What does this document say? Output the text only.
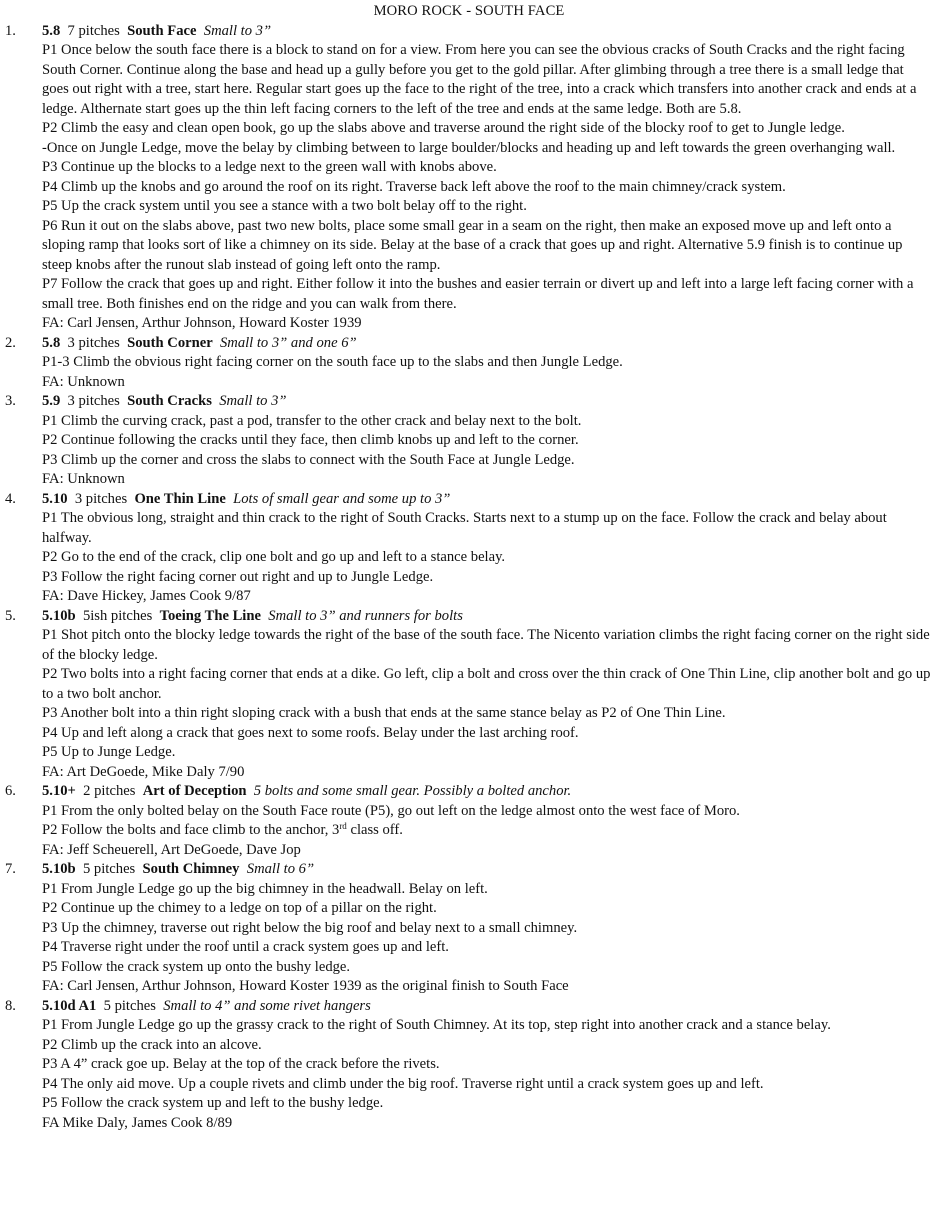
MORO ROCK - SOUTH FACE
1. 5.8 7 pitches South Face Small to 3”

P1 Once below the south face there is a block to stand on for a view. From here you can see the obvious cracks of South Cracks and the right facing South Corner. Continue along the base and head up a gully before you get to the gold pillar. After glimbing through a tree there is a small ledge that goes out right with a tree, start here. Regular start goes up the face to the right of the tree, into a crack which transfers into another crack and ends at a ledge. Althernate start goes up the thin left facing corners to the left of the tree and ends at the same ledge. Both are 5.8.

P2 Climb the easy and clean open book, go up the slabs above and traverse around the right side of the blocky roof to get to Jungle ledge.

-Once on Jungle Ledge, move the belay by climbing between to large boulder/blocks and heading up and left towards the green overhanging wall.

P3 Continue up the blocks to a ledge next to the green wall with knobs above.

P4 Climb up the knobs and go around the roof on its right. Traverse back left above the roof to the main chimney/crack system.

P5 Up the crack system until you see a stance with a two bolt belay off to the right.

P6 Run it out on the slabs above, past two new bolts, place some small gear in a seam on the right, then make an exposed move up and left onto a sloping ramp that looks sort of like a chimney on its side. Belay at the base of a crack that goes up and right. Alternative 5.9 finish is to continue up steep knobs after the runout slab instead of going left onto the ramp.

P7 Follow the crack that goes up and right. Either follow it into the bushes and easier terrain or divert up and left into a large left facing corner with a small tree. Both finishes end on the ridge and you can walk from there.

FA: Carl Jensen, Arthur Johnson, Howard Koster 1939

2. 5.8 3 pitches South Corner Small to 3” and one 6”

P1-3 Climb the obvious right facing corner on the south face up to the slabs and then Jungle Ledge.

FA: Unknown

3. 5.9 3 pitches South Cracks Small to 3”

P1 Climb the curving crack, past a pod, transfer to the other crack and belay next to the bolt.

P2 Continue following the cracks until they face, then climb knobs up and left to the corner.

P3 Climb up the corner and cross the slabs to connect with the South Face at Jungle Ledge.

FA: Unknown

4. 5.10 3 pitches One Thin Line Lots of small gear and some up to 3”

P1 The obvious long, straight and thin crack to the right of South Cracks. Starts next to a stump up on the face. Follow the crack and belay about halfway.

P2 Go to the end of the crack, clip one bolt and go up and left to a stance belay.

P3 Follow the right facing corner out right and up to Jungle Ledge.

FA: Dave Hickey, James Cook 9/87

5. 5.10b 5ish pitches Toeing The Line Small to 3” and runners for bolts

P1 Shot pitch onto the blocky ledge towards the right of the base of the south face. The Nicento variation climbs the right facing corner on the right side of the blocky ledge.

P2 Two bolts into a right facing corner that ends at a dike. Go left, clip a bolt and cross over the thin crack of One Thin Line, clip another bolt and go up to a two bolt anchor.

P3 Another bolt into a thin right sloping crack with a bush that ends at the same stance belay as P2 of One Thin Line.

P4 Up and left along a crack that goes next to some roofs. Belay under the last arching roof.

P5 Up to Junge Ledge.

FA: Art DeGoede, Mike Daly 7/90

6. 5.10+ 2 pitches Art of Deception 5 bolts and some small gear. Possibly a bolted anchor.

P1 From the only bolted belay on the South Face route (P5), go out left on the ledge almost onto the west face of Moro.

P2 Follow the bolts and face climb to the anchor, 3rd class off.

FA: Jeff Scheuerell, Art DeGoede, Dave Jop

7. 5.10b 5 pitches South Chimney Small to 6”

P1 From Jungle Ledge go up the big chimney in the headwall. Belay on left.

P2 Continue up the chimey to a ledge on top of a pillar on the right.

P3 Up the chimney, traverse out right below the big roof and belay next to a small chimney.

P4 Traverse right under the roof until a crack system goes up and left.

P5 Follow the crack system up onto the bushy ledge.

FA: Carl Jensen, Arthur Johnson, Howard Koster 1939 as the original finish to South Face

8. 5.10d A1 5 pitches Small to 4” and some rivet hangers

P1 From Jungle Ledge go up the grassy crack to the right of South Chimney. At its top, step right into another crack and a stance belay.

P2 Climb up the crack into an alcove.

P3 A 4” crack goe up. Belay at the top of the crack before the rivets.

P4 The only aid move. Up a couple rivets and climb under the big roof. Traverse right until a crack system goes up and left.

P5 Follow the crack system up and left to the bushy ledge.

FA Mike Daly, James Cook 8/89
